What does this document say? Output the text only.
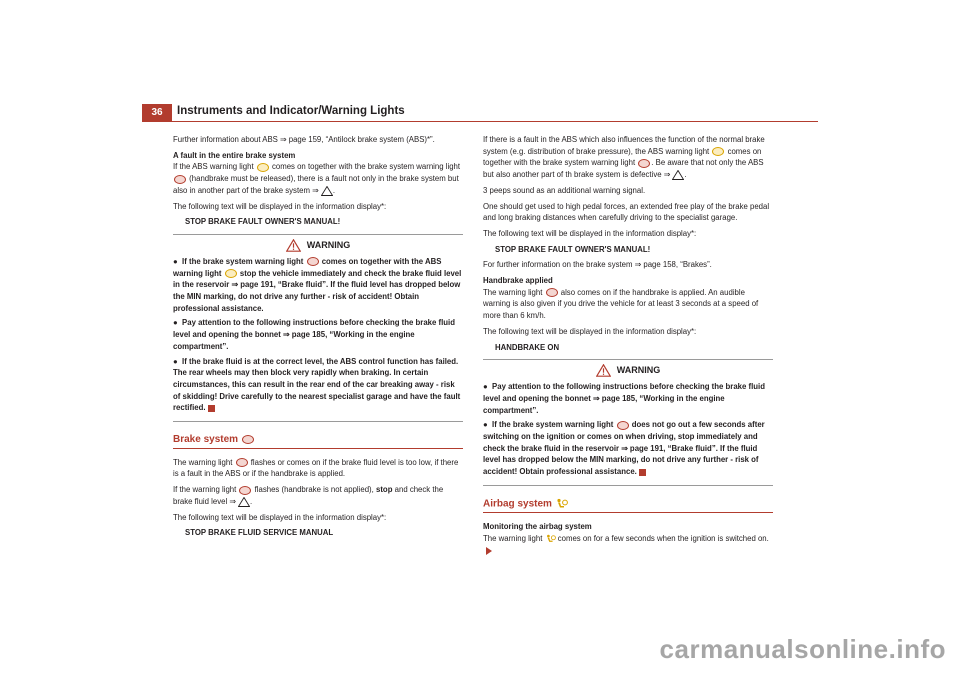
36	Instruments and Indicator/Warning Lights

Further information about ABS ⇒ page 159, “Antilock brake system (ABS)*”.

A fault in the entire brake system

If the ABS warning light comes on together with the brake system warning light  (handbrake must be released), there is a fault not only in the brake system but also in another part of the brake system ⇒ .

The following text will be displayed in the information display*:

STOP BRAKE FAULT OWNER'S MANUAL!

WARNING

●  If the brake system warning light comes on together with the ABS warning light stop the vehicle immediately and check the brake fluid level in the reservoir ⇒ page 191, “Brake fluid”. If the fluid level has dropped below the MIN marking, do not drive any further - risk of accident! Obtain professional assistance.

●  Pay attention to the following instructions before checking the brake fluid level and opening the bonnet ⇒ page 185, “Working in the engine compartment”.

●  If the brake fluid is at the correct level, the ABS control function has failed. The rear wheels may then block very rapidly when braking. In certain circumstances, this can result in the rear end of the car breaking away - risk of skidding! Drive carefully to the nearest specialist garage and have the fault rectified.

Brake system

The warning light flashes or comes on if the brake fluid level is too low, if there is a fault in the ABS or if the handbrake is applied.

If the warning light flashes (handbrake is not applied), stop and check the brake fluid level ⇒ .

The following text will be displayed in the information display*:

STOP BRAKE FLUID SERVICE MANUAL

If there is a fault in the ABS which also influences the function of the normal brake system (e.g. distribution of brake pressure), the ABS warning light comes on together with the brake system warning light . Be aware that not only the ABS but also another part of th brake system is defective ⇒ .

3 peeps sound as an additional warning signal.

One should get used to high pedal forces, an extended free play of the brake pedal and long braking distances when carefully driving to the specialist garage.

The following text will be displayed in the information display*:

STOP BRAKE FAULT OWNER'S MANUAL!

For further information on the brake system ⇒ page 158, “Brakes”.

Handbrake applied

The warning light also comes on if the handbrake is applied. An audible warning is also given if you drive the vehicle for at least 3 seconds at a speed of more than 6 km/h.

The following text will be displayed in the information display*:

HANDBRAKE ON

WARNING

●  Pay attention to the following instructions before checking the brake fluid level and opening the bonnet ⇒ page 185, “Working in the engine compartment”.

●  If the brake system warning light does not go out a few seconds after switching on the ignition or comes on when driving, stop immediately and check the brake fluid in the reservoir ⇒ page 191, “Brake fluid”. If the fluid level has dropped below the MIN marking, do not drive any further - risk of accident! Obtain professional assistance.

Airbag system

Monitoring the airbag system

The warning light comes on for a few seconds when the ignition is switched on.

carmanualsonline.info
